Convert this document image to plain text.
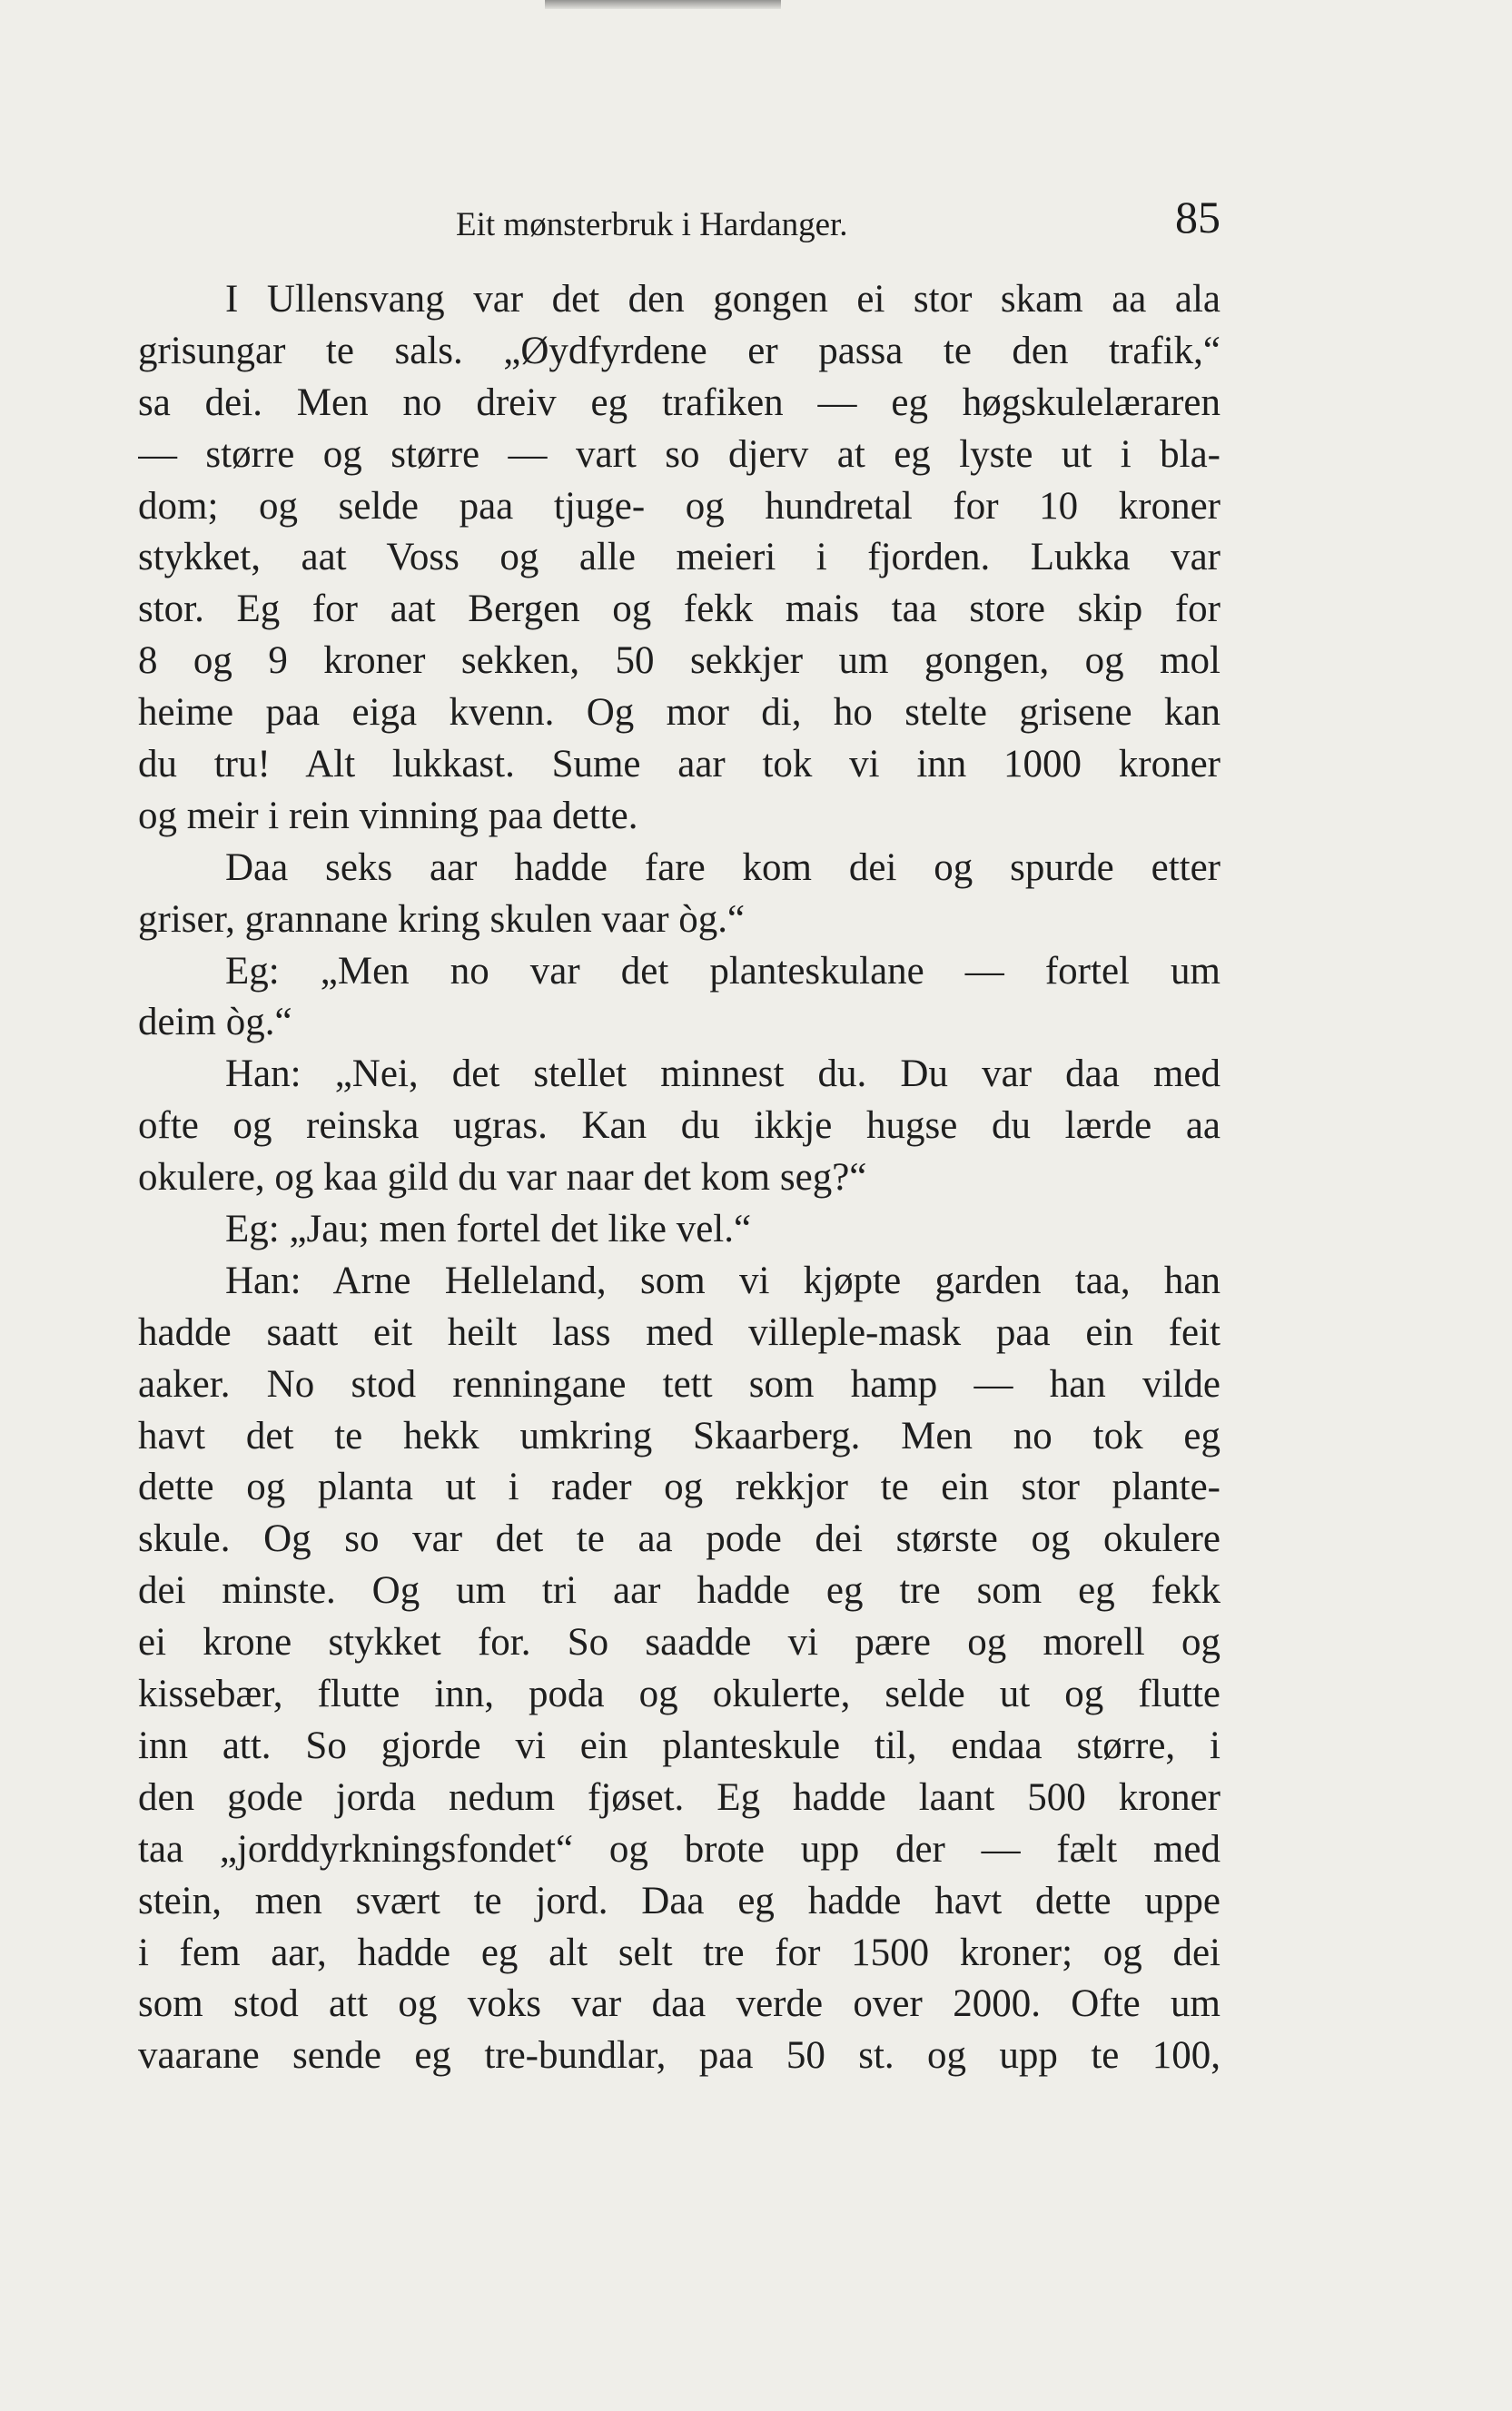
Eit mønsterbruk i Hardanger.	85
I Ullensvang var det den gongen ei stor skam aa ala
grisungar te sals. „Øydfyrdene er passa te den trafik,“
sa dei. Men no dreiv eg trafiken — eg høgskulelæraren
— større og større — vart so djerv at eg lyste ut i bla-
dom; og selde paa tjuge- og hundretal for 10 kroner
stykket, aat Voss og alle meieri i fjorden. Lukka var
stor. Eg for aat Bergen og fekk mais taa store skip for
8 og 9 kroner sekken, 50 sekkjer um gongen, og mol
heime paa eiga kvenn. Og mor di, ho stelte grisene kan
du tru! Alt lukkast. Sume aar tok vi inn 1000 kroner
og meir i rein vinning paa dette.
Daa seks aar hadde fare kom dei og spurde etter
griser, grannane kring skulen vaar òg.“
Eg: „Men no var det planteskulane — fortel um
deim òg.“
Han: „Nei, det stellet minnest du. Du var daa med
ofte og reinska ugras. Kan du ikkje hugse du lærde aa
okulere, og kaa gild du var naar det kom seg?“
Eg: „Jau; men fortel det like vel.“
Han: Arne Helleland, som vi kjøpte garden taa, han
hadde saatt eit heilt lass med villeple-mask paa ein feit
aaker. No stod renningane tett som hamp — han vilde
havt det te hekk umkring Skaarberg. Men no tok eg
dette og planta ut i rader og rekkjor te ein stor plante-
skule. Og so var det te aa pode dei største og okulere
dei minste. Og um tri aar hadde eg tre som eg fekk
ei krone stykket for. So saadde vi pære og morell og
kissebær, flutte inn, poda og okulerte, selde ut og flutte
inn att. So gjorde vi ein planteskule til, endaa større, i
den gode jorda nedum fjøset. Eg hadde laant 500 kroner
taa „jorddyrkningsfondet“ og brote upp der — fælt med
stein, men svært te jord. Daa eg hadde havt dette uppe
i fem aar, hadde eg alt selt tre for 1500 kroner; og dei
som stod att og voks var daa verde over 2000. Ofte um
vaarane sende eg tre-bundlar, paa 50 st. og upp te 100,
